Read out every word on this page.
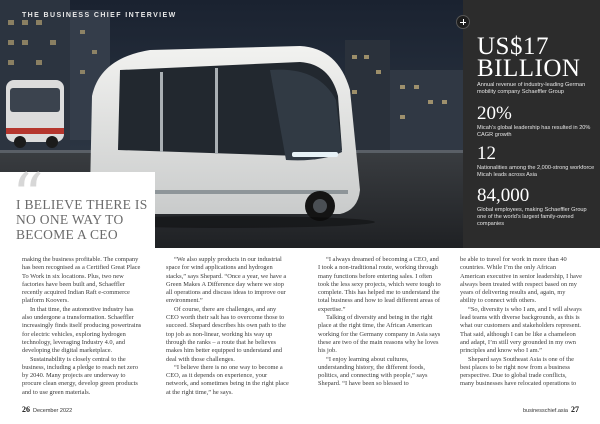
THE BUSINESS CHIEF INTERVIEW
“
I BELIEVE THERE IS NO ONE WAY TO BECOME A CEO
US$17 BILLION
Annual revenue of industry-leading German mobility company Schaeffler Group
20%
Micah’s global leadership has resulted in 20% CAGR growth
12
Nationalities among the 2,000-strong workforce Micah leads across Asia
84,000
Global employees, making Schaeffler Group one of the world’s largest family-owned companies

making the business profitable. The company has been recognised as a Certified Great Place To Work in six locations. Plus, two new factories have been built and, Schaeffler recently acquired Indian Raft e-commerce platform Koovers.

In that time, the automotive industry has also undergone a transformation. Schaeffler increasingly finds itself producing powertrains for electric vehicles, exploring hydrogen technology, leveraging Industry 4.0, and developing the digital marketplace.

Sustainability is closely central to the business, including a pledge to reach net zero by 2040. Many projects are underway to procure clean energy, develop green products and to use green materials.

“We also supply products in our industrial space for wind applications and hydrogen stacks,” says Shepard. “Once a year, we have a Green Makes A Difference day where we stop all operations and discuss ideas to improve our environment.”

Of course, there are challenges, and any CEO worth their salt has to overcome those to succeed. Shepard describes his own path to the top job as non-linear, working his way up through the ranks – a route that he believes makes him better equipped to understand and deal with those challenges.

“I believe there is no one way to become a CEO, as it depends on experience, your network, and sometimes being in the right place at the right time,” he says.

“I always dreamed of becoming a CEO, and I took a non-traditional route, working through many functions before entering sales. I often took the less sexy projects, which were tough to complete. This has helped me to understand the total business and how to lead different areas of expertise.”

Talking of diversity and being in the right place at the right time, the African American working for the Germany company in Asia says these are two of the main reasons why he loves his job.

“I enjoy learning about cultures, understanding history, the different foods, politics, and connecting with people,” says Shepard. “I have been so blessed to

be able to travel for work in more than 40 countries. While I’m the only African American executive in senior leadership, I have always been treated with respect based on my years of delivering results and, again, my ability to connect with others.

“So, diversity is who I am, and I will always lead teams with diverse backgrounds, as this is what our customers and stakeholders represent. That said, although I can be like a chameleon and adapt, I’m still very grounded in my own principles and know who I am.”

Shepard says Southeast Asia is one of the best places to be right now from a business perspective. Due to global trade conflicts, many businesses have relocated operations to

26 December 2022	businesschief.asia 27
